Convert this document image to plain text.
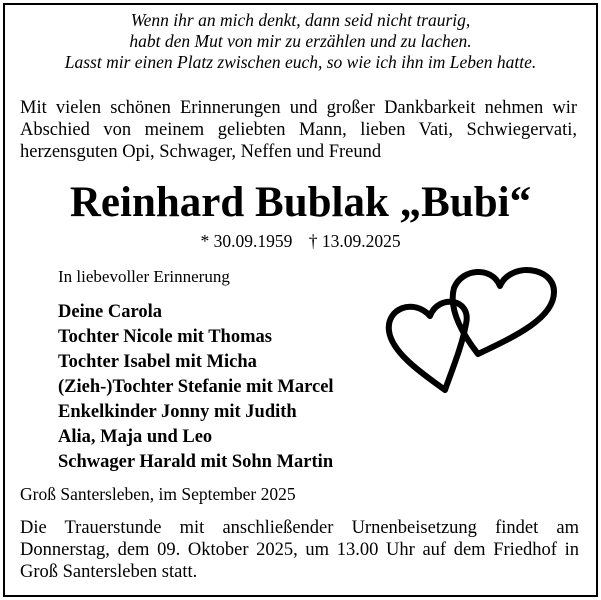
Wenn ihr an mich denkt, dann seid nicht traurig,
habt den Mut von mir zu erzählen und zu lachen.
Lasst mir einen Platz zwischen euch, so wie ich ihn im Leben hatte.
Mit vielen schönen Erinnerungen und großer Dankbarkeit nehmen wir Abschied von meinem geliebten Mann, lieben Vati, Schwiegervati, herzensguten Opi, Schwager, Neffen und Freund
Reinhard Bublak „Bubi“
* 30.09.1959 † 13.09.2025
In liebevoller Erinnerung
Deine Carola
Tochter Nicole mit Thomas
Tochter Isabel mit Micha
(Zieh-)Tochter Stefanie mit Marcel
Enkelkinder Jonny mit Judith
Alia, Maja und Leo
Schwager Harald mit Sohn Martin
Groß Santersleben, im September 2025
Die Trauerstunde mit anschließender Urnenbeisetzung findet am Donnerstag, dem 09. Oktober 2025, um 13.00 Uhr auf dem Friedhof in Groß Santersleben statt.
